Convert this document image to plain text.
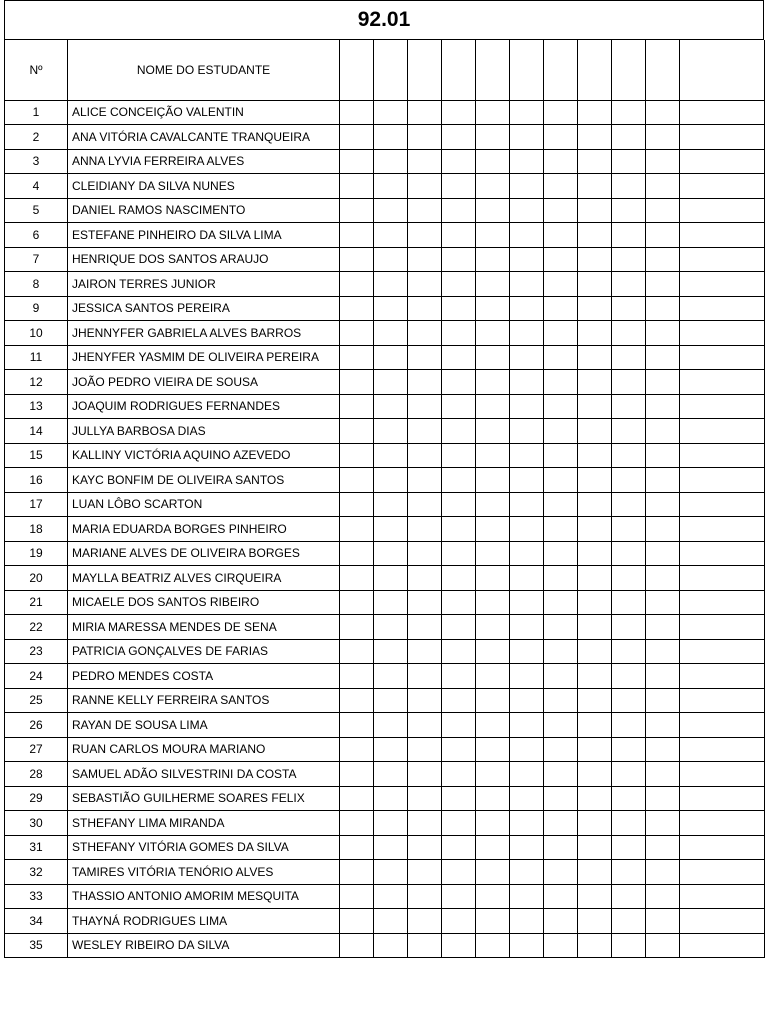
92.01
Nº	NOME DO ESTUDANTE											
1	ALICE CONCEIÇÃO VALENTIN											
2	ANA VITÓRIA CAVALCANTE TRANQUEIRA											
3	ANNA LYVIA FERREIRA ALVES											
4	CLEIDIANY DA SILVA NUNES											
5	DANIEL RAMOS NASCIMENTO											
6	ESTEFANE PINHEIRO DA SILVA LIMA											
7	HENRIQUE DOS SANTOS ARAUJO											
8	JAIRON TERRES JUNIOR											
9	JESSICA SANTOS PEREIRA											
10	JHENNYFER GABRIELA ALVES BARROS											
11	JHENYFER YASMIM DE OLIVEIRA PEREIRA											
12	JOÃO PEDRO VIEIRA DE SOUSA											
13	JOAQUIM RODRIGUES FERNANDES											
14	JULLYA BARBOSA DIAS											
15	KALLINY VICTÓRIA AQUINO AZEVEDO											
16	KAYC BONFIM DE OLIVEIRA SANTOS											
17	LUAN LÔBO SCARTON											
18	MARIA EDUARDA BORGES PINHEIRO											
19	MARIANE ALVES DE OLIVEIRA BORGES											
20	MAYLLA BEATRIZ ALVES CIRQUEIRA											
21	MICAELE DOS SANTOS RIBEIRO											
22	MIRIA MARESSA MENDES DE SENA											
23	PATRICIA GONÇALVES DE FARIAS											
24	PEDRO MENDES COSTA											
25	RANNE KELLY FERREIRA SANTOS											
26	RAYAN DE SOUSA LIMA											
27	RUAN CARLOS MOURA MARIANO											
28	SAMUEL ADÃO SILVESTRINI DA COSTA											
29	SEBASTIÃO GUILHERME SOARES FELIX											
30	STHEFANY LIMA MIRANDA											
31	STHEFANY VITÓRIA GOMES DA SILVA											
32	TAMIRES VITÓRIA TENÓRIO ALVES											
33	THASSIO ANTONIO AMORIM MESQUITA											
34	THAYNÁ RODRIGUES LIMA											
35	WESLEY RIBEIRO DA SILVA											
